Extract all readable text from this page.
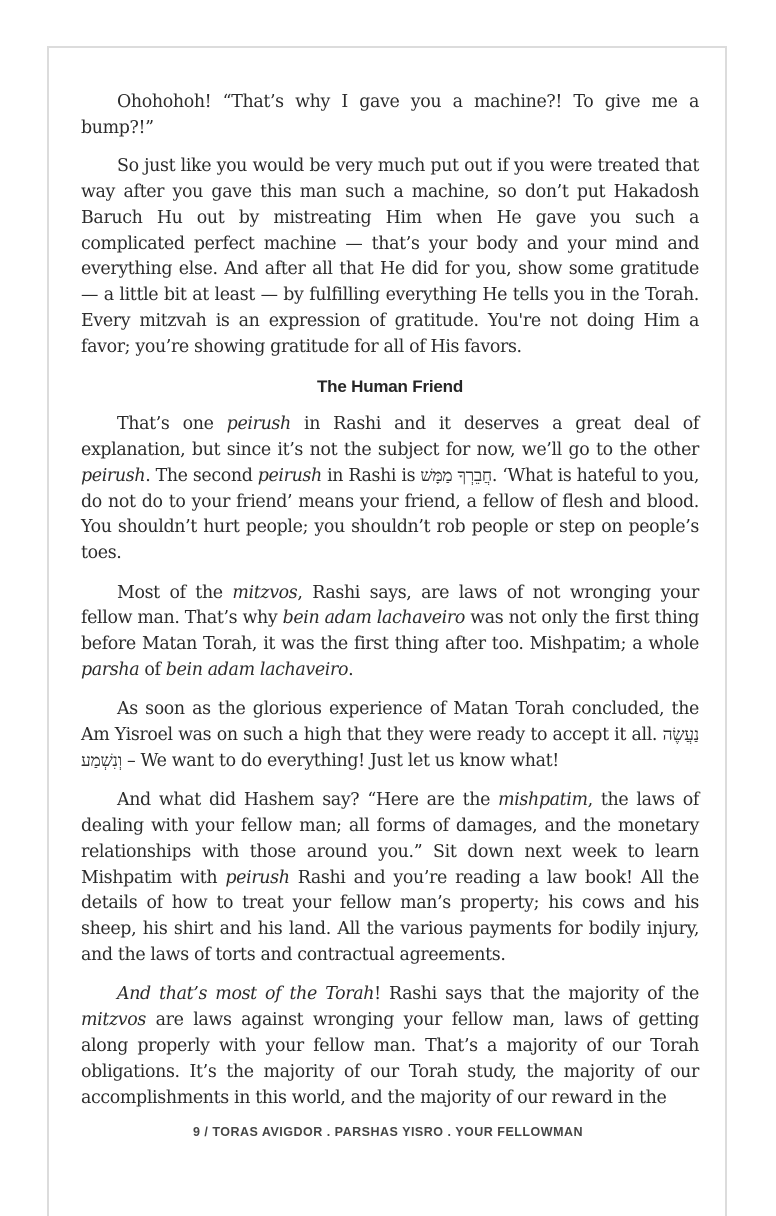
Ohohohoh! “That’s why I gave you a machine?! To give me a bump?!”

So just like you would be very much put out if you were treated that way after you gave this man such a machine, so don’t put Hakadosh Baruch Hu out by mistreating Him when He gave you such a complicated perfect machine — that’s your body and your mind and everything else. And after all that He did for you, show some gratitude — a little bit at least — by fulfilling everything He tells you in the Torah. Every mitzvah is an expression of gratitude. You're not doing Him a favor; you’re showing gratitude for all of His favors.

The Human Friend

That’s one peirush in Rashi and it deserves a great deal of explanation, but since it’s not the subject for now, we’ll go to the other peirush. The second peirush in Rashi is חֲבֵרְךָ מַמָּשׁ. ‘What is hateful to you, do not do to your friend’ means your friend, a fellow of flesh and blood. You shouldn’t hurt people; you shouldn’t rob people or step on people’s toes.

Most of the mitzvos, Rashi says, are laws of not wronging your fellow man. That’s why bein adam lachaveiro was not only the first thing before Matan Torah, it was the first thing after too. Mishpatim; a whole parsha of bein adam lachaveiro.

As soon as the glorious experience of Matan Torah concluded, the Am Yisroel was on such a high that they were ready to accept it all. נַעֲשֶׂה וְנִשְׁמַע – We want to do everything! Just let us know what!

And what did Hashem say? “Here are the mishpatim, the laws of dealing with your fellow man; all forms of damages, and the monetary relationships with those around you.” Sit down next week to learn Mishpatim with peirush Rashi and you’re reading a law book! All the details of how to treat your fellow man’s property; his cows and his sheep, his shirt and his land. All the various payments for bodily injury, and the laws of torts and contractual agreements.

And that’s most of the Torah! Rashi says that the majority of the mitzvos are laws against wronging your fellow man, laws of getting along properly with your fellow man. That’s a majority of our Torah obligations. It’s the majority of our Torah study, the majority of our accomplishments in this world, and the majority of our reward in the

9 / TORAS AVIGDOR . PARSHAS YISRO . YOUR FELLOWMAN
